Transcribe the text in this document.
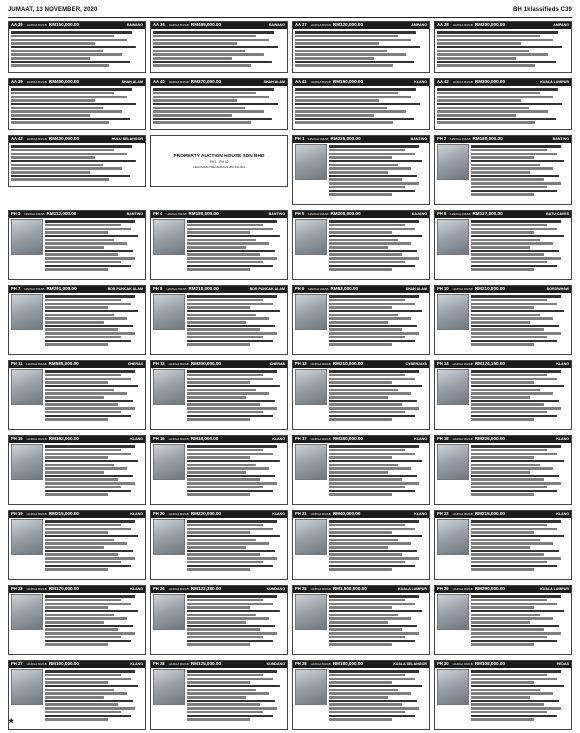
JUMAAT, 13 NOVEMBER, 2020	BH 1klassifieds C39
AA 35 HARGA RIZAB RM150,000.00	RAWANG AA 36 HARGA RIZAB RM465,000.00	RAWANG AA 37 HARGA RIZAB RM120,000.00	AMPANG AA 38 HARGA RIZAB RM200,000.00	AMPANG
AA 39 HARGA RIZAB RM400,000.00	SHAH ALAM AA 40 HARGA RIZAB RM370,000.00	SHAH ALAM AA 41 HARGA RIZAB RM150,000.00	KLANG AA 42 HARGA RIZAB RM300,000.00	KUALA LUMPUR
AA 43 HARGA RIZAB RM430,000.00	HULU SELANGOR
PROPERTY AUCTION HOUSE SDN BHD
PH 1 - PH 42
LELONGAN SECARA DALAM TALIAN
PH 1 HARGA RIZAB RM225,000.00	BANTING PH 2 HARGA RIZAB RM180,000.00	BANTING
PH 3 HARGA RIZAB RM112,000.00	BANTING PH 4 HARGA RIZAB RM180,000.00	BANTING PH 5 HARGA RIZAB RM200,000.00	KAJANG PH 6 HARGA RIZAB RM127,000.00	BATU CAVES
PH 7 HARGA RIZAB RM291,000.00	BDR PUNCAK ALAM PH 8 HARGA RIZAB RM210,000.00	BDR PUNCAK ALAM PH 9 HARGA RIZAB RM63,000.00	SHAH ALAM PH 10 HARGA RIZAB RM210,000.00	BORDWHAW
PH 11 HARGA RIZAB RM585,000.00	CHERAS PH 12 HARGA RIZAB RM200,000.00	CHERAS PH 13 HARGA RIZAB RM210,000.00	CYBERJAYA PH 14 HARGA RIZAB RM174,150.00	KLANG
PH 15 HARGA RIZAB RM162,000.00	KLANG PH 16 HARGA RIZAB RM18,000.00	KLANG PH 17 HARGA RIZAB RM180,000.00	KLANG PH 18 HARGA RIZAB RM225,000.00	KLANG
PH 19 HARGA RIZAB RM215,000.00	KLANG PH 20 HARGA RIZAB RM220,000.00	KLANG PH 21 HARGA RIZAB RM40,000.00	KLANG PH 22 HARGA RIZAB RM215,000.00	KLANG
PH 23 HARGA RIZAB RM170,000.00	KLANG PH 24 HARGA RIZAB RM122,380.00	KUNDANG PH 25 HARGA RIZAB RM1,500,000.00	KUALA LUMPUR PH 26 HARGA RIZAB RM290,000.00	KUALA LUMPUR
PH 27 HARGA RIZAB RM100,000.00	KLANG PH 28 HARGA RIZAB RM125,000.00	KUNDANG PH 29 HARGA RIZAB RM180,000.00	KUALA SELANGOR PH 30 HARGA RIZAB RM108,000.00	PEDAS
★
